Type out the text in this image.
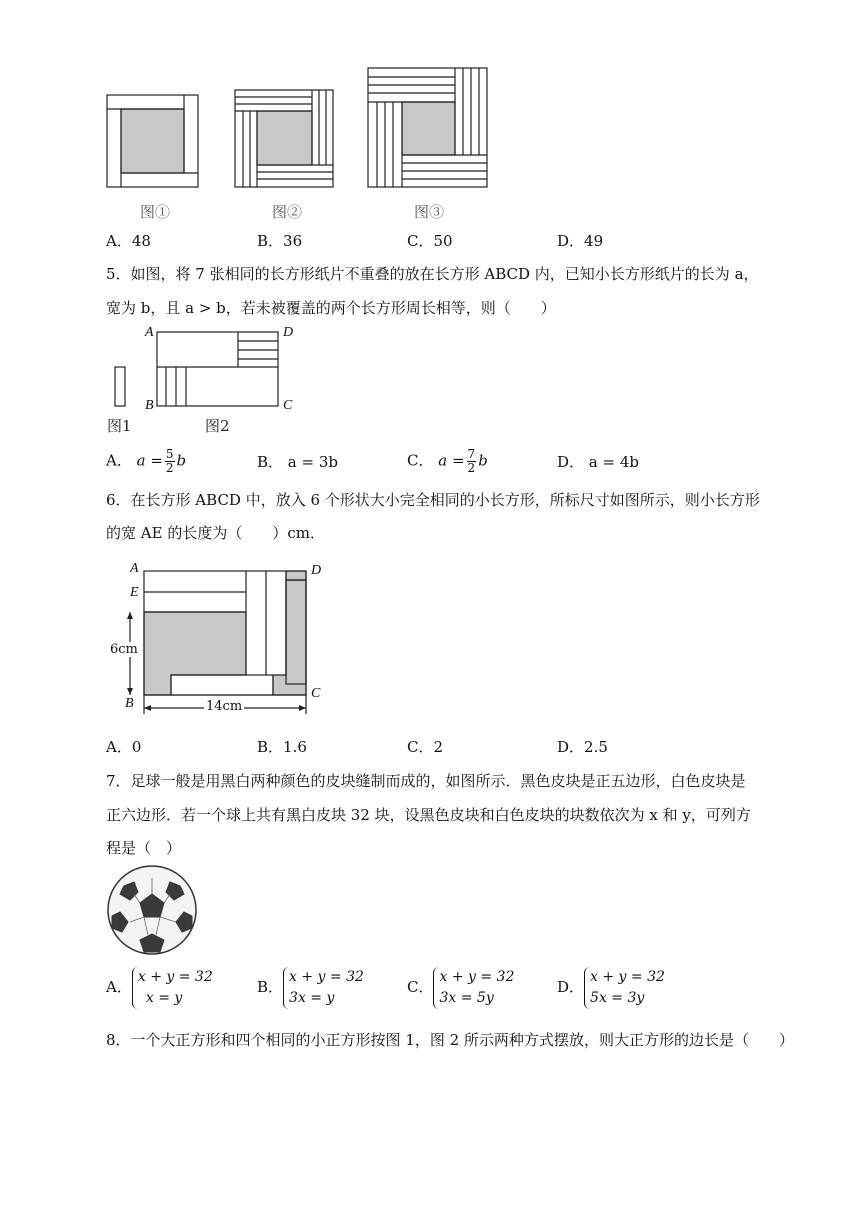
图①	图②	图③
A．48	B．36	C．50	D．49
5．如图，将 7 张相同的长方形纸片不重叠的放在长方形 ABCD 内，已知小长方形纸片的长为 a，
宽为 b，且 a > b，若未被覆盖的两个长方形周长相等，则（　　）
A	D
B	C
图1	图2
A． $a = \frac{5}{2}$ b	B． a = 3b	C． $a = \frac{7}{2}$ b	D． a = 4b
6．在长方形 ABCD 中，放入 6 个形状大小完全相同的小长方形，所标尺寸如图所示，则小长方形
的宽 AE 的长度为（　　）cm．
A	D
E
B
C
6cm
14cm
A．0	B．1.6	C．2	D．2.5
7．足球一般是用黑白两种颜色的皮块缝制而成的，如图所示．黑色皮块是正五边形，白色皮块是
正六边形．若一个球上共有黑白皮块 32 块，设黑色皮块和白色皮块的块数依次为 x 和 y，可列方
程是（　）
A．
x + y = 32
x = y
B．
x + y = 32
3x = y
C．
x + y = 32
3x = 5y
D．
x + y = 32
5x = 3y
8．一个大正方形和四个相同的小正方形按图 1，图 2 所示两种方式摆放，则大正方形的边长是（　　）
